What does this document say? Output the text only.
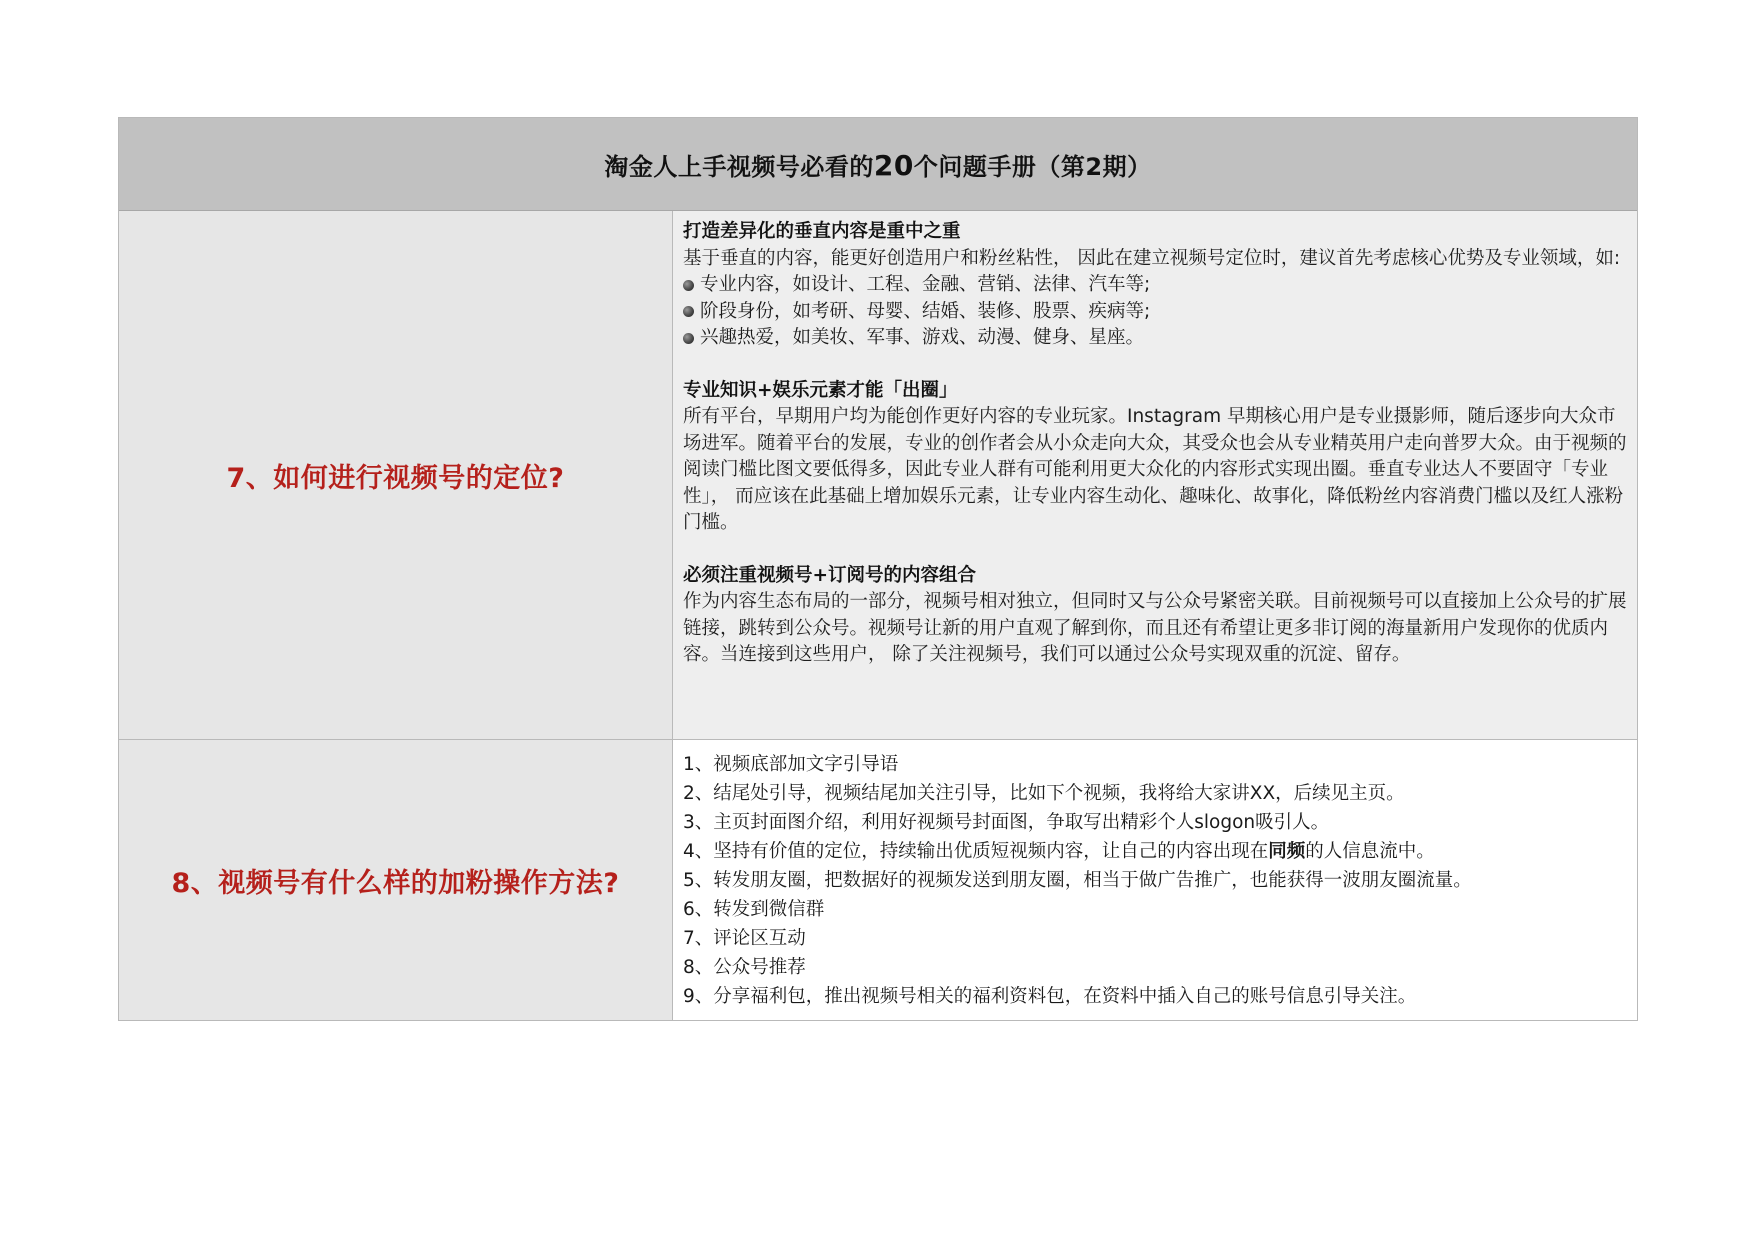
淘金人上手视频号必看的20个问题手册（第2期）
7、如何进行视频号的定位?
打造差异化的垂直内容是重中之重
基于垂直的内容，能更好创造用户和粉丝粘性， 因此在建立视频号定位时，建议首先考虑核心优势及专业领域，如:
专业内容，如设计、工程、金融、营销、法律、汽车等;
阶段身份，如考研、母婴、结婚、装修、股票、疾病等;
兴趣热爱，如美妆、军事、游戏、动漫、健身、星座。
专业知识+娱乐元素才能「出圈」
所有平台，早期用户均为能创作更好内容的专业玩家。Instagram 早期核心用户是专业摄影师，随后逐步向大众市场进军。随着平台的发展，专业的创作者会从小众走向大众，其受众也会从专业精英用户走向普罗大众。由于视频的阅读门槛比图文要低得多，因此专业人群有可能利用更大众化的内容形式实现出圈。垂直专业达人不要固守「专业性」， 而应该在此基础上增加娱乐元素，让专业内容生动化、趣味化、故事化，降低粉丝内容消费门槛以及红人涨粉门槛。
必须注重视频号+订阅号的内容组合
作为内容生态布局的一部分，视频号相对独立，但同时又与公众号紧密关联。目前视频号可以直接加上公众号的扩展链接，跳转到公众号。视频号让新的用户直观了解到你，而且还有希望让更多非订阅的海量新用户发现你的优质内容。当连接到这些用户， 除了关注视频号，我们可以通过公众号实现双重的沉淀、留存。
8、视频号有什么样的加粉操作方法?
1、视频底部加文字引导语
2、结尾处引导，视频结尾加关注引导，比如下个视频，我将给大家讲XX，后续见主页。
3、主页封面图介绍，利用好视频号封面图，争取写出精彩个人slogon吸引人。
4、坚持有价值的定位，持续输出优质短视频内容，让自己的内容出现在同频的人信息流中。
5、转发朋友圈，把数据好的视频发送到朋友圈，相当于做广告推广，也能获得一波朋友圈流量。
6、转发到微信群
7、评论区互动
8、公众号推荐
9、分享福利包，推出视频号相关的福利资料包，在资料中插入自己的账号信息引导关注。
